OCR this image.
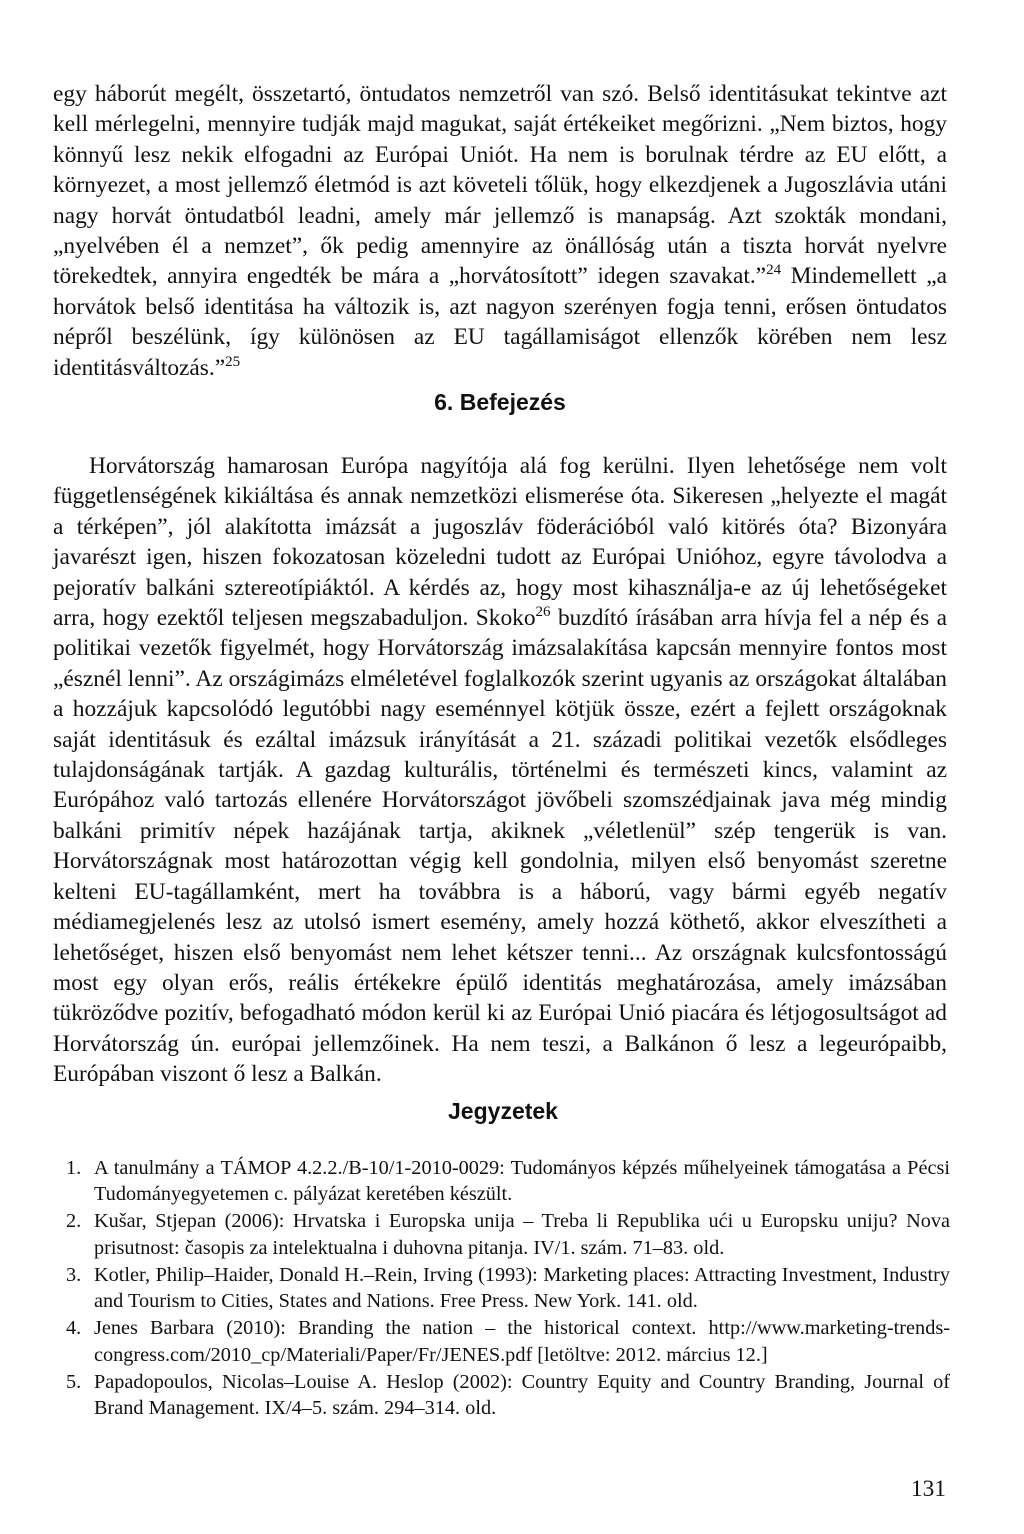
egy háborút megélt, összetartó, öntudatos nemzetről van szó. Belső identitásukat tekintve azt kell mérlegelni, mennyire tudják majd magukat, saját értékeiket megőrizni. „Nem biztos, hogy könnyű lesz nekik elfogadni az Európai Uniót. Ha nem is borulnak térdre az EU előtt, a környezet, a most jellemző életmód is azt követeli tőlük, hogy elkezdjenek a Jugoszlávia utáni nagy horvát öntudatból leadni, amely már jellemző is manapság. Azt szokták mondani, „nyelvében él a nemzet”, ők pedig amennyire az önállóság után a tiszta horvát nyelvre törekedtek, annyira engedték be mára a „horvátosított” idegen szavakat.”$^{24}$ Mindemellett „a horvátok belső identitása ha változik is, azt nagyon szerényen fogja tenni, erősen öntudatos népről beszélünk, így különösen az EU tagállamiságot ellenzők körében nem lesz identitásváltozás.”$^{25}$

6. Befejezés

Horvátország hamarosan Európa nagyítója alá fog kerülni. Ilyen lehetősége nem volt függetlenségének kikiáltása és annak nemzetközi elismerése óta. Sikeresen „helyezte el magát a térképen”, jól alakította imázsát a jugoszláv föderációból való kitörés óta? Bizonyára javarészt igen, hiszen fokozatosan közeledni tudott az Európai Unióhoz, egyre távolodva a pejoratív balkáni sztereotípiáktól. A kérdés az, hogy most kihasználja-e az új lehetőségeket arra, hogy ezektől teljesen megszabaduljon. Skoko$^{26}$ buzdító írásában arra hívja fel a nép és a politikai vezetők figyelmét, hogy Horvátország imázsalakítása kapcsán mennyire fontos most „észnél lenni”. Az országimázs elméletével foglalkozók szerint ugyanis az országokat általában a hozzájuk kapcsolódó legutóbbi nagy eseménnyel kötjük össze, ezért a fejlett országoknak saját identitásuk és ezáltal imázsuk irányítását a 21. századi politikai vezetők elsődleges tulajdonságának tartják. A gazdag kulturális, történelmi és természeti kincs, valamint az Európához való tartozás ellenére Horvátországot jövőbeli szomszédjainak java még mindig balkáni primitív népek hazájának tartja, akiknek „véletlenül” szép tengerük is van. Horvátországnak most határozottan végig kell gondolnia, milyen első benyomást szeretne kelteni EU-tagállamként, mert ha továbbra is a háború, vagy bármi egyéb negatív médiamegjelenés lesz az utolsó ismert esemény, amely hozzá köthető, akkor elveszítheti a lehetőséget, hiszen első benyomást nem lehet kétszer tenni... Az országnak kulcsfontosságú most egy olyan erős, reális értékekre épülő identitás meghatározása, amely imázsában tükröződve pozitív, befogadható módon kerül ki az Európai Unió piacára és létjogosultságot ad Horvátország ún. európai jellemzőinek. Ha nem teszi, a Balkánon ő lesz a legeurópaibb, Európában viszont ő lesz a Balkán.

Jegyzetek
1. A tanulmány a TÁMOP 4.2.2./B-10/1-2010-0029: Tudományos képzés műhelyeinek támogatása a Pécsi Tudományegyetemen c. pályázat keretében készült.
2. Kušar, Stjepan (2006): Hrvatska i Europska unija – Treba li Republika ući u Europsku uniju? Nova prisutnost: časopis za intelektualna i duhovna pitanja. IV/1. szám. 71–83. old.
3. Kotler, Philip–Haider, Donald H.–Rein, Irving (1993): Marketing places: Attracting Investment, Industry and Tourism to Cities, States and Nations. Free Press. New York. 141. old.
4. Jenes Barbara (2010): Branding the nation – the historical context. http://www.marketing-trends-congress.com/2010_cp/Materiali/Paper/Fr/JENES.pdf [letöltve: 2012. március 12.]
5. Papadopoulos, Nicolas–Louise A. Heslop (2002): Country Equity and Country Branding, Journal of Brand Management. IX/4–5. szám. 294–314. old.
131
